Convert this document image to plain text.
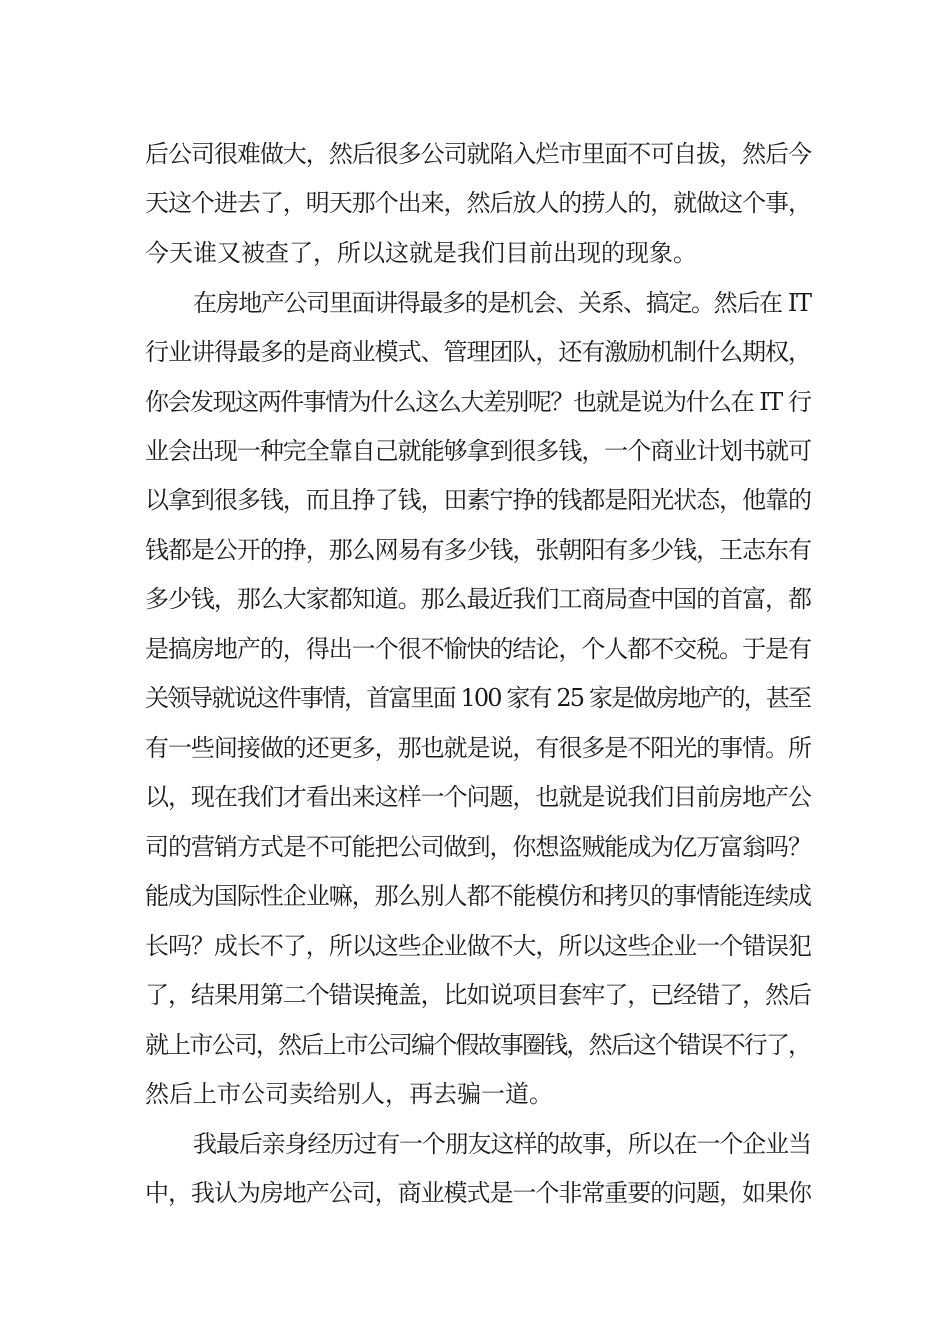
后公司很难做大，然后很多公司就陷入烂市里面不可自拔，然后今
天这个进去了，明天那个出来，然后放人的捞人的，就做这个事，
今天谁又被查了，所以这就是我们目前出现的现象。
在房地产公司里面讲得最多的是机会、关系、搞定。然后在 IT
行业讲得最多的是商业模式、管理团队，还有激励机制什么期权，
你会发现这两件事情为什么这么大差别呢？也就是说为什么在 IT 行
业会出现一种完全靠自己就能够拿到很多钱，一个商业计划书就可
以拿到很多钱，而且挣了钱，田素宁挣的钱都是阳光状态，他靠的
钱都是公开的挣，那么网易有多少钱，张朝阳有多少钱，王志东有
多少钱，那么大家都知道。那么最近我们工商局查中国的首富，都
是搞房地产的，得出一个很不愉快的结论，个人都不交税。于是有
关领导就说这件事情，首富里面 100 家有 25 家是做房地产的，甚至
有一些间接做的还更多，那也就是说，有很多是不阳光的事情。所
以，现在我们才看出来这样一个问题，也就是说我们目前房地产公
司的营销方式是不可能把公司做到，你想盗贼能成为亿万富翁吗？
能成为国际性企业嘛，那么别人都不能模仿和拷贝的事情能连续成
长吗？成长不了，所以这些企业做不大，所以这些企业一个错误犯
了，结果用第二个错误掩盖，比如说项目套牢了，已经错了，然后
就上市公司，然后上市公司编个假故事圈钱，然后这个错误不行了，
然后上市公司卖给别人，再去骗一道。
我最后亲身经历过有一个朋友这样的故事，所以在一个企业当
中，我认为房地产公司，商业模式是一个非常重要的问题，如果你
